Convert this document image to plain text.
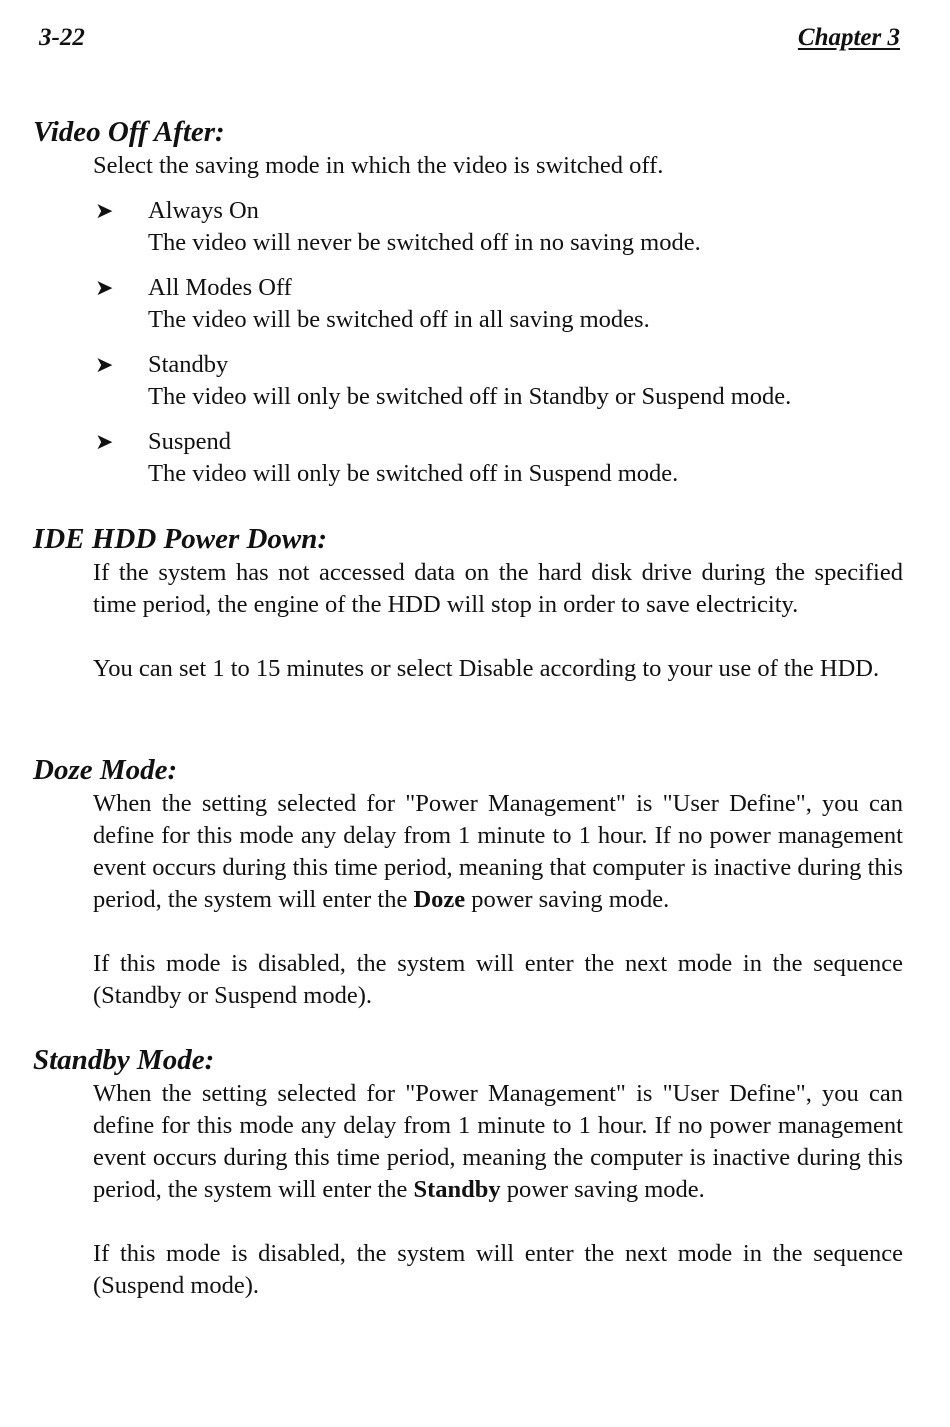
3-22	Chapter 3
Video Off After:

Select the saving mode in which the video is switched off.

➤ Always On

The video will never be switched off in no saving mode.

➤ All Modes Off

The video will be switched off in all saving modes.

➤ Standby

The video will only be switched off in Standby or Suspend mode.

➤ Suspend

The video will only be switched off in Suspend mode.

IDE HDD Power Down:

If the system has not accessed data on the hard disk drive during the specified time period, the engine of the HDD will stop in order to save electricity.

You can set 1 to 15 minutes or select Disable according to your use of the HDD.

Doze Mode:

When the setting selected for "Power Management" is "User Define", you can define for this mode any delay from 1 minute to 1 hour. If no power management event occurs during this time period, meaning that computer is inactive during this period, the system will enter the Doze power saving mode.

If this mode is disabled, the system will enter the next mode in the sequence (Standby or Suspend mode).

Standby Mode:

When the setting selected for "Power Management" is "User Define", you can define for this mode any delay from 1 minute to 1 hour. If no power management event occurs during this time period, meaning the computer is inactive during this period, the system will enter the Standby power saving mode.

If this mode is disabled, the system will enter the next mode in the sequence (Suspend mode).
